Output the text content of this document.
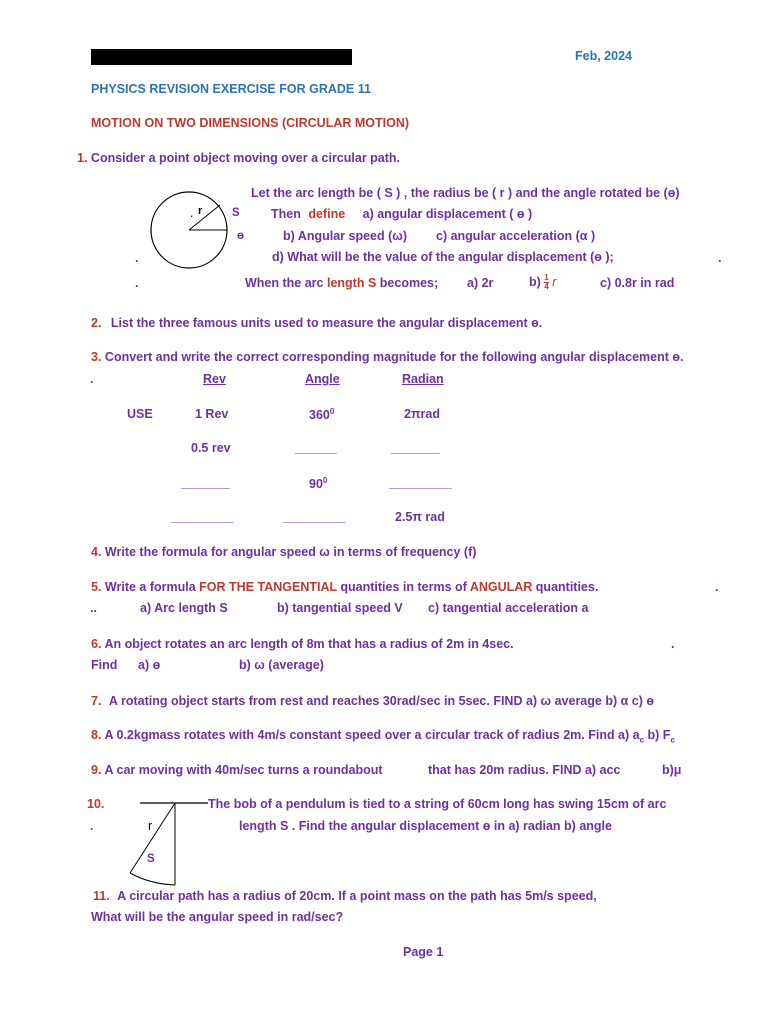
Feb, 2024
PHYSICS REVISION EXERCISE FOR GRADE 11
MOTION ON TWO DIMENSIONS (CIRCULAR MOTION)
1. Consider a point object moving over a circular path.
. r	S
ɵ
Let the arc length be ( S ) , the radius be ( r ) and the angle rotated be (ɵ)
Then define a) angular displacement ( ɵ )
b) Angular speed (ω) c) angular acceleration (α )
d) What will be the value of the angular displacement (ɵ );
.	.
.	When the arc length S becomes; a) 2r	$b) \frac{1}{4}$ r	c) 0.8r in rad
2. List the three famous units used to measure the angular displacement ɵ.
3. Convert and write the correct corresponding magnitude for the following angular displacement ɵ.
.	Rev	Angle	Radian
USE	1 Rev	$360^0$	2πrad
0.5 rev	______	_______
_______	$90^0$	_________
_________	_________	2.5π rad
4. Write the formula for angular speed ω in terms of frequency (f)
5. Write a formula FOR THE TANGENTIAL quantities in terms of ANGULAR quantities.	.
..	a) Arc length S	b) tangential speed V c) tangential acceleration a
6. An object rotates an arc length of 8m that has a radius of 2m in 4sec.	.
Find a) ɵ	b) ω (average)
7. A rotating object starts from rest and reaches 30rad/sec in 5sec. FIND a) ω average b) α c) ɵ
8. A 0.2kgmass rotates with 4m/s constant speed over a circular track of radius 2m. Find a) $a_c$ b) $F_c$
9. A car moving with 40m/sec turns a roundabout	that has 20m radius. FIND a) acc	b)μ
10.	The bob of a pendulum is tied to a string of 60cm long has swing 15cm of arc
.	r	length S . Find the angular displacement ɵ in a) radian b) angle
S
11. A circular path has a radius of 20cm. If a point mass on the path has 5m/s speed,
What will be the angular speed in rad/sec?
Page 1
